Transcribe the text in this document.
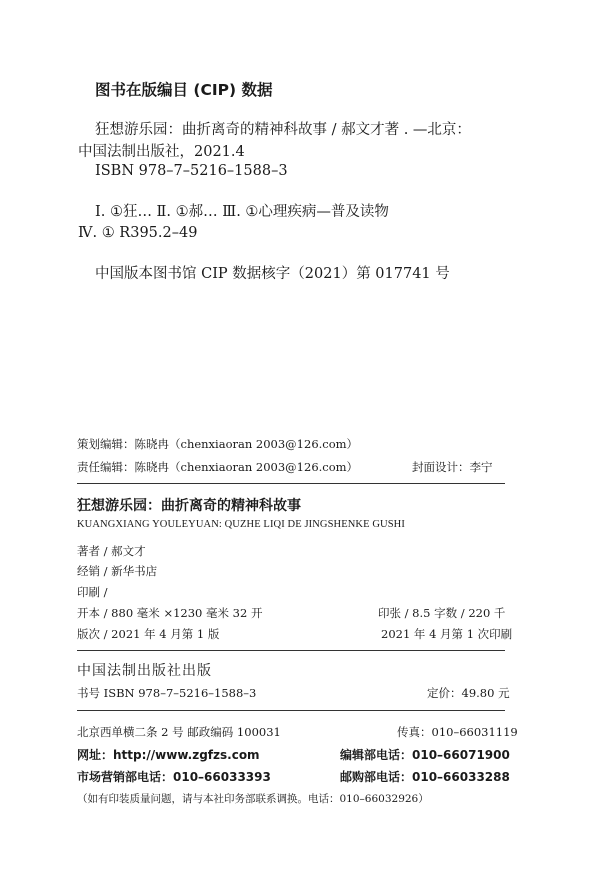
图书在版编目 (CIP) 数据
狂想游乐园：曲折离奇的精神科故事 / 郝文才著 . —北京：
中国法制出版社，2021.4
ISBN 978–7–5216–1588–3
Ⅰ. ①狂… Ⅱ. ①郝… Ⅲ. ①心理疾病—普及读物
Ⅳ. ① R395.2–49
中国版本图书馆 CIP 数据核字（2021）第 017741 号
策划编辑：陈晓冉（chenxiaoran 2003@126.com）
责任编辑：陈晓冉（chenxiaoran 2003@126.com）	封面设计：李宁
狂想游乐园：曲折离奇的精神科故事
KUANGXIANG YOULEYUAN: QUZHE LIQI DE JINGSHENKE GUSHI
著者 / 郝文才
经销 / 新华书店
印刷 /
开本 / 880 毫米 ×1230 毫米 32 开	印张 / 8.5 字数 / 220 千
版次 / 2021 年 4 月第 1 版	2021 年 4 月第 1 次印刷
中国法制出版社出版
书号 ISBN 978–7–5216–1588–3	定价：49.80 元
北京西单横二条 2 号 邮政编码 100031	传真：010–66031119
网址：http://www.zgfzs.com	编辑部电话：010–66071900
市场营销部电话：010–66033393	邮购部电话：010–66033288
（如有印装质量问题，请与本社印务部联系调换。电话：010–66032926）
